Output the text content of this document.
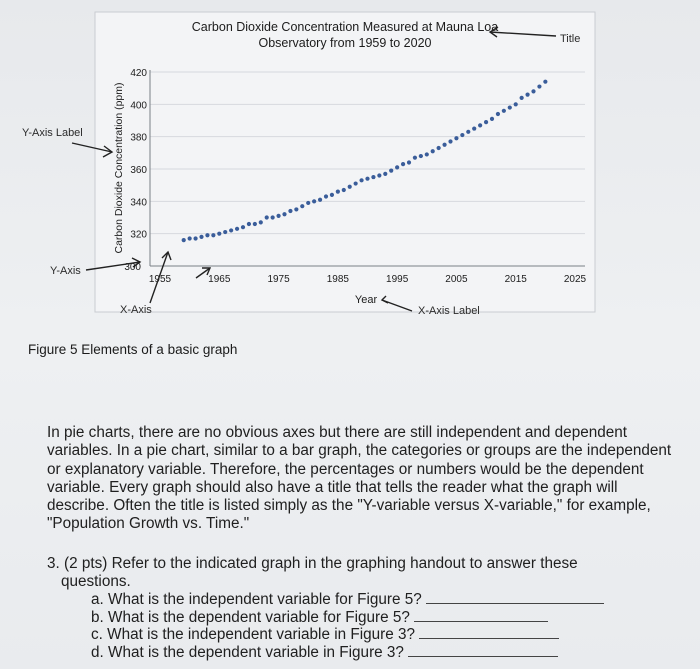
Carbon Dioxide Concentration Measured at Mauna Loa
Observatory from 1959 to 2020
Carbon Dioxide Concentration (ppm)
Year
300
320
340
360
380
400
420
1955	1965	1975	1985	1995	2005	2015	2025
Title
Y-Axis Label
Y-Axis
X-Axis	X-Axis Label
Figure 5 Elements of a basic graph

In pie charts, there are no obvious axes but there are still independent and dependent variables. In a pie chart, similar to a bar graph, the categories or groups are the independent or explanatory variable. Therefore, the percentages or numbers would be the dependent variable. Every graph should also have a title that tells the reader what the graph will describe. Often the title is listed simply as the "Y-variable versus X-variable," for example, "Population Growth vs. Time."

3. (2 pts) Refer to the indicated graph in the graphing handout to answer these

questions.

a. What is the independent variable for Figure 5?
b. What is the dependent variable for Figure 5?
c. What is the independent variable in Figure 3?
d. What is the dependent variable in Figure 3?
